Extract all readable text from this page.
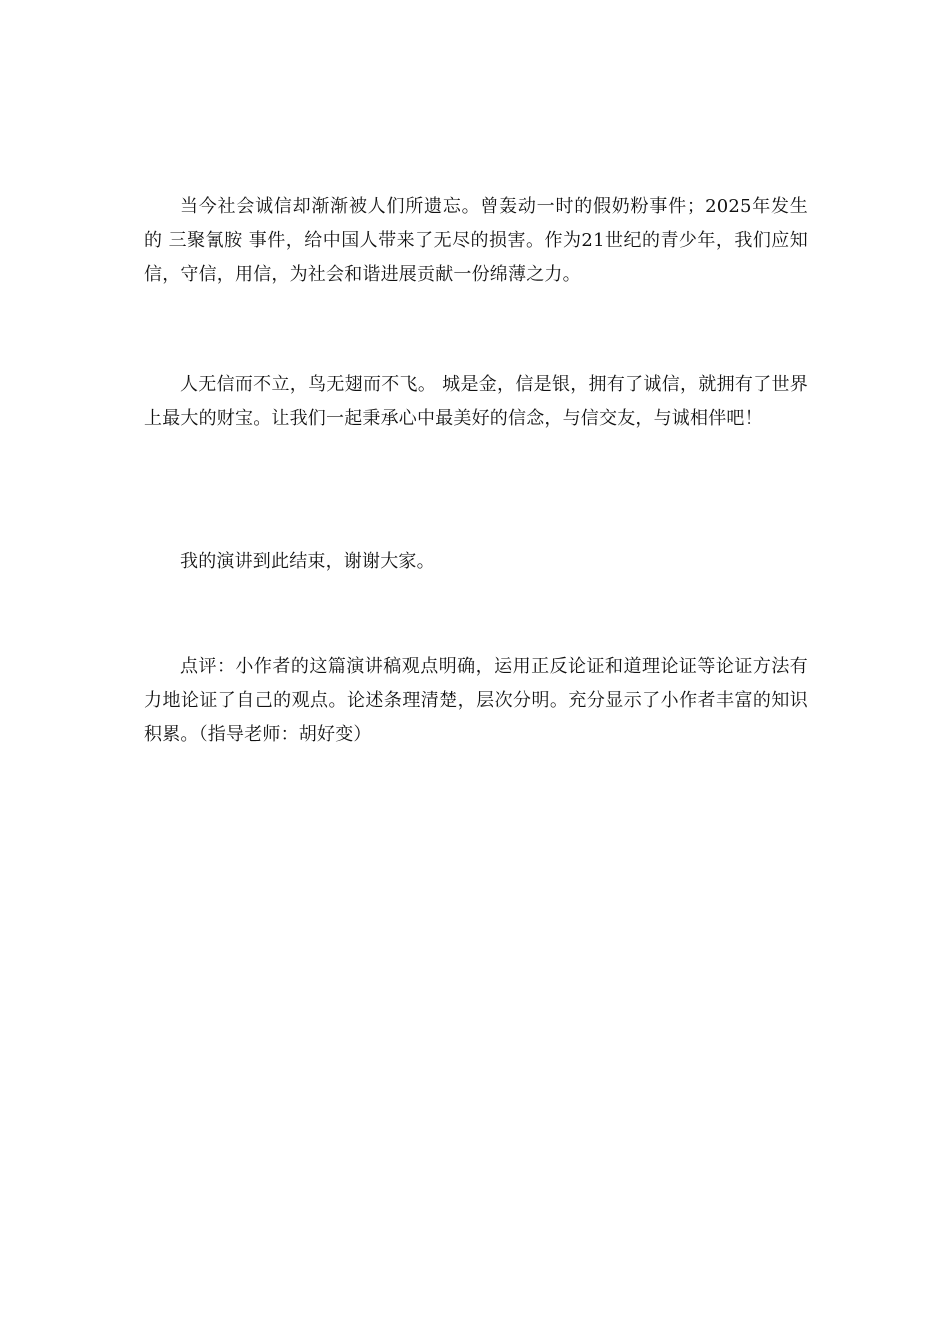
当今社会诚信却渐渐被人们所遗忘。曾轰动一时的假奶粉事件；2025年发生的 三聚氰胺 事件，给中国人带来了无尽的损害。作为21世纪的青少年，我们应知信，守信，用信，为社会和谐进展贡献一份绵薄之力。

人无信而不立，鸟无翅而不飞。 城是金，信是银，拥有了诚信，就拥有了世界上最大的财宝。让我们一起秉承心中最美好的信念，与信交友，与诚相伴吧！

我的演讲到此结束，谢谢大家。

点评：小作者的这篇演讲稿观点明确，运用正反论证和道理论证等论证方法有力地论证了自己的观点。论述条理清楚，层次分明。充分显示了小作者丰富的知识积累。（指导老师：胡好变）
